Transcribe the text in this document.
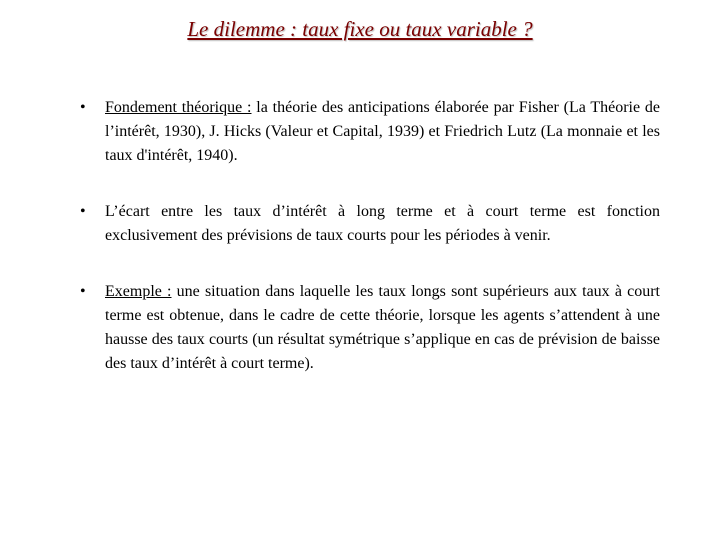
Le dilemme : taux fixe ou taux variable ?
•	Fondement théorique : la théorie des anticipations élaborée par Fisher (La Théorie de l’intérêt, 1930), J. Hicks (Valeur et Capital, 1939) et Friedrich Lutz (La monnaie et les taux d'intérêt, 1940).
•	L’écart entre les taux d’intérêt à long terme et à court terme est fonction exclusivement des prévisions de taux courts pour les périodes à venir.
•	Exemple : une situation dans laquelle les taux longs sont supérieurs aux taux à court terme est obtenue, dans le cadre de cette théorie, lorsque les agents s’attendent à une hausse des taux courts (un résultat symétrique s’applique en cas de prévision de baisse des taux d’intérêt à court terme).
